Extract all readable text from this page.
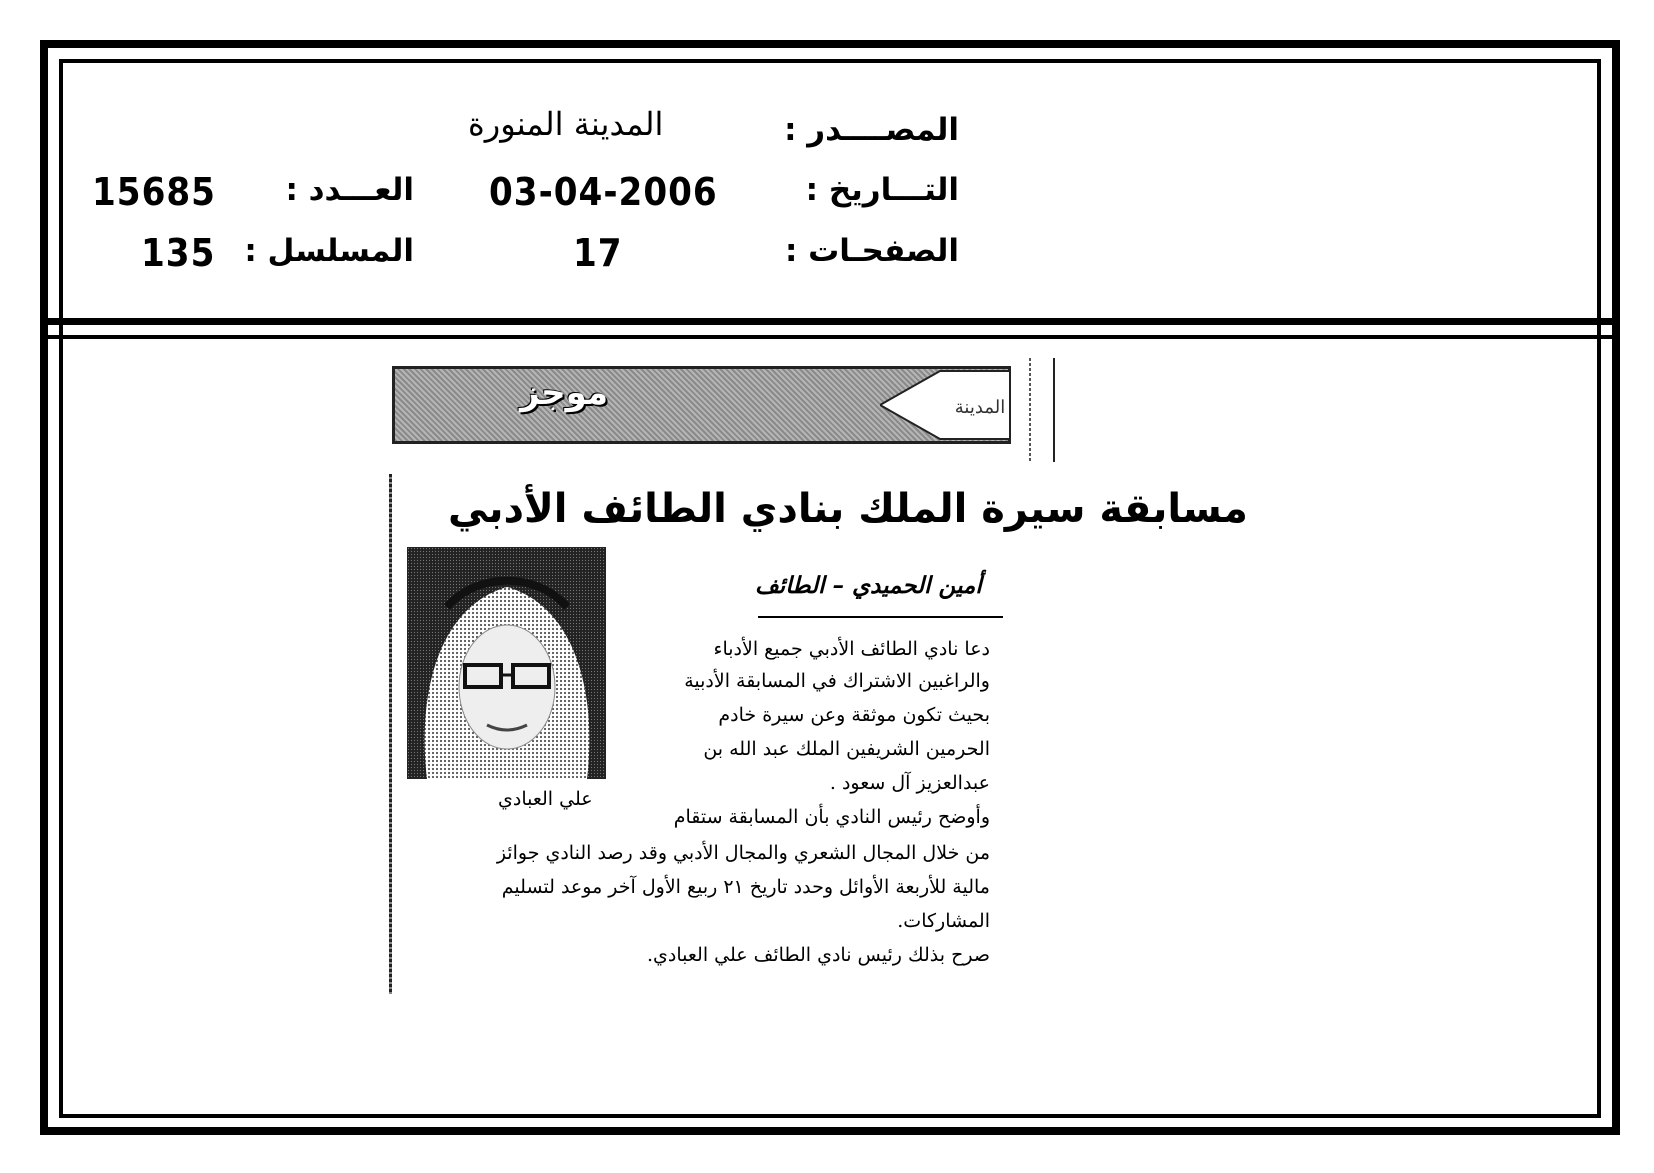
المصــــدر :
المدينة المنورة
التـــاريخ :
03-04-2006
العـــدد :
15685
الصفحـات :
17
المسلسل :
135
المدينة
موجز
مسابقة سيرة الملك بنادي الطائف الأدبي
أمين الحميدي – الطائف
علي العبادي
دعا نادي الطائف الأدبي جميع الأدباء
والراغبين الاشتراك في المسابقة الأدبية
بحيث تكون موثقة وعن سيرة خادم
الحرمين الشريفين الملك عبد الله بن
عبدالعزيز آل سعود .
وأوضح رئيس النادي بأن المسابقة ستقام
من خلال المجال الشعري والمجال الأدبي وقد رصد النادي جوائز
مالية للأربعة الأوائل وحدد تاريخ ٢١ ربيع الأول آخر موعد لتسليم
المشاركات.
صرح بذلك رئيس نادي الطائف علي العبادي.
